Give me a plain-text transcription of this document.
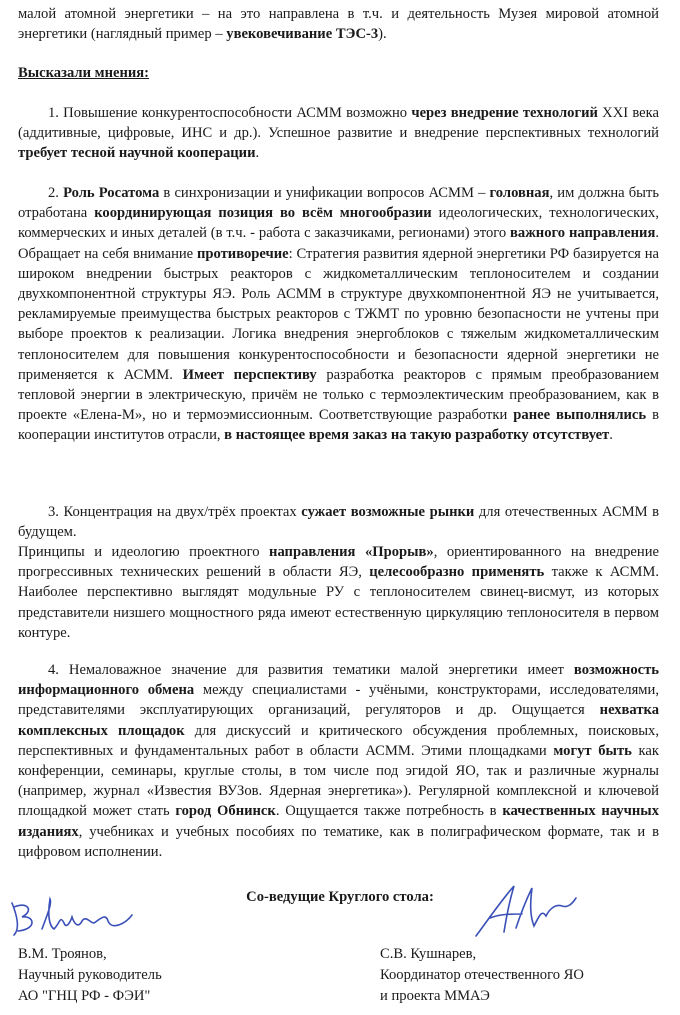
малой атомной энергетики – на это направлена в т.ч. и деятельность Музея мировой атомной энергетики (наглядный пример – увековечивание ТЭС-3).

Высказали мнения:

1. Повышение конкурентоспособности АСММ возможно через внедрение технологий XXI века (аддитивные, цифровые, ИНС и др.). Успешное развитие и внедрение перспективных технологий требует тесной научной кооперации.

2. Роль Росатома в синхронизации и унификации вопросов АСММ – головная, им должна быть отработана координирующая позиция во всём многообразии идеологических, технологических, коммерческих и иных деталей (в т.ч. - работа с заказчиками, регионами) этого важного направления. Обращает на себя внимание противоречие: Стратегия развития ядерной энергетики РФ базируется на широком внедрении быстрых реакторов с жидкометаллическим теплоносителем и создании двухкомпонентной структуры ЯЭ. Роль АСММ в структуре двухкомпонентной ЯЭ не учитывается, рекламируемые преимущества быстрых реакторов с ТЖМТ по уровню безопасности не учтены при выборе проектов к реализации. Логика внедрения энергоблоков с тяжелым жидкометаллическим теплоносителем для повышения конкурентоспособности и безопасности ядерной энергетики не применяется к АСММ. Имеет перспективу разработка реакторов с прямым преобразованием тепловой энергии в электрическую, причём не только с термоэлектическим преобразованием, как в проекте «Елена-М», но и термоэмиссионным. Соответствующие разработки ранее выполнялись в кооперации институтов отрасли, в настоящее время заказ на такую разработку отсутствует.

3. Концентрация на двух/трёх проектах сужает возможные рынки для отечественных АСММ в будущем.

Принципы и идеологию проектного направления «Прорыв», ориентированного на внедрение прогрессивных технических решений в области ЯЭ, целесообразно применять также к АСММ. Наиболее перспективно выглядят модульные РУ с теплоносителем свинец-висмут, из которых представители низшего мощностного ряда имеют естественную циркуляцию теплоносителя в первом контуре.

4. Немаловажное значение для развития тематики малой энергетики имеет возможность информационного обмена между специалистами - учёными, конструкторами, исследователями, представителями эксплуатирующих организаций, регуляторов и др. Ощущается нехватка комплексных площадок для дискуссий и критического обсуждения проблемных, поисковых, перспективных и фундаментальных работ в области АСММ. Этими площадками могут быть как конференции, семинары, круглые столы, в том числе под эгидой ЯО, так и различные журналы (например, журнал «Известия ВУЗов. Ядерная энергетика»). Регулярной комплексной и ключевой площадкой может стать город Обнинск. Ощущается также потребность в качественных научных изданиях, учебниках и учебных пособиях по тематике, как в полиграфическом формате, так и в цифровом исполнении.

Со-ведущие Круглого стола:

В.М. Троянов,
Научный руководитель
АО "ГНЦ РФ - ФЭИ"
С.В. Кушнарев,
Координатор отечественного ЯО
и проекта ММАЭ
